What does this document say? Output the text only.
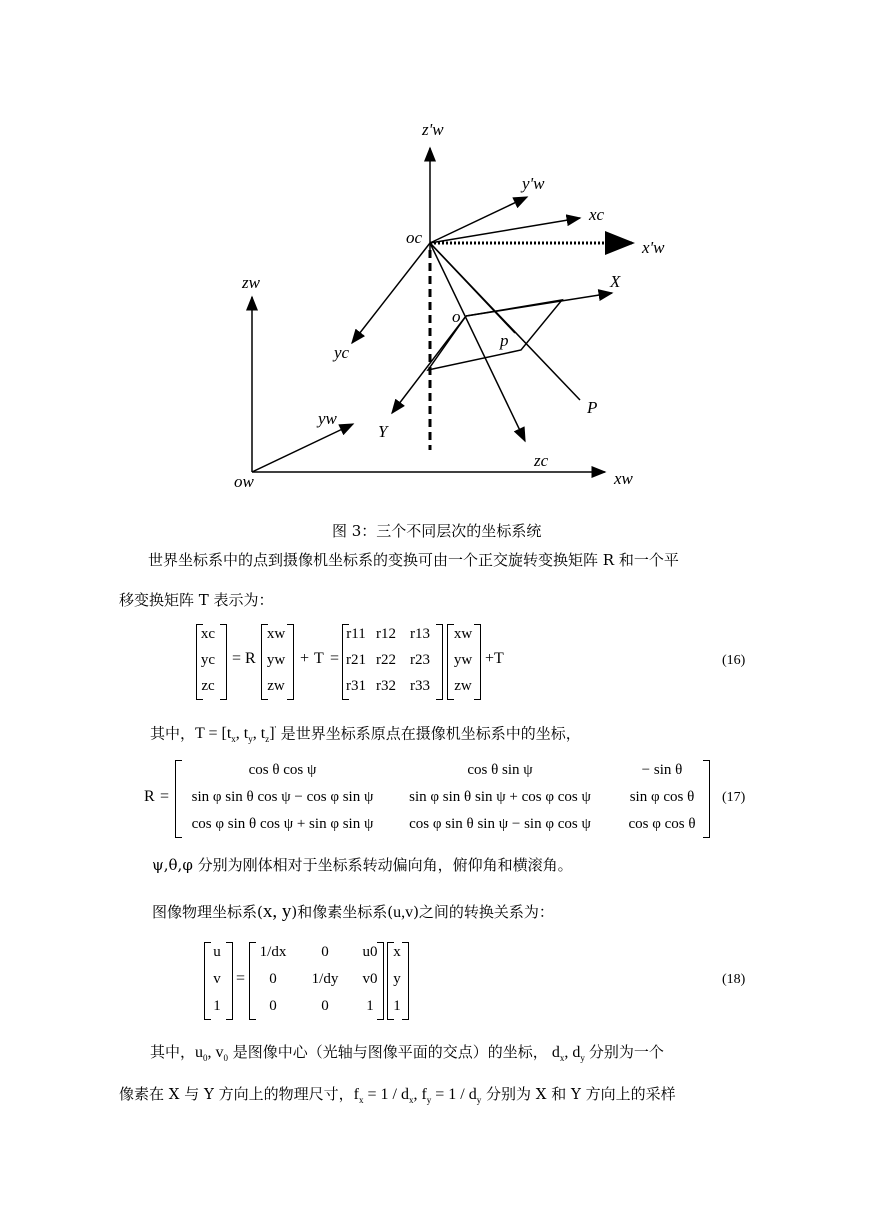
z'w
y'w
xc
oc
x'w
zw	X
o
yc
p
P
yw
Y
zc
ow	xw
图 3：三个不同层次的坐标系统
世界坐标系中的点到摄像机坐标系的变换可由一个正交旋转变换矩阵 R 和一个平
移变换矩阵 T 表示为：
xc
yc
zc
= R
xw
yw
zw
+ T =
r11 r12 r13
r21 r22 r23
r31 r32 r33
xw
yw
zw
+T	(16)
其中，$T = [t_x$, $t_y$, $t_z]'$ 是世界坐标系原点在摄像机坐标系中的坐标，
R =
cos θ cos ψ	cos θ sin ψ	− sin θ
sin φ sin θ cos ψ − cos φ sin ψ	sin φ sin θ sin ψ + cos φ cos ψ	sin φ cos θ
cos φ sin θ cos ψ + sin φ sin ψ	cos φ sin θ sin ψ − sin φ cos ψ	cos φ cos θ
(17)
ψ,θ,φ 分别为刚体相对于坐标系转动偏向角，俯仰角和横滚角。
图像物理坐标系(x, y)和像素坐标系(u,v)之间的转换关系为：
u
v
1
=
1/dx	0	u0
0	1/dy	v0
0	0	1
x
y
1
(18)
其中，$u_0$, $v_0$ 是图像中心（光轴与图像平面的交点）的坐标， $d_x$, $d_y$ 分别为一个
像素在 X 与 Y 方向上的物理尺寸，$f_x = 1 / d_x$, $f_y = 1 / d_y$ 分别为 X 和 Y 方向上的采样
